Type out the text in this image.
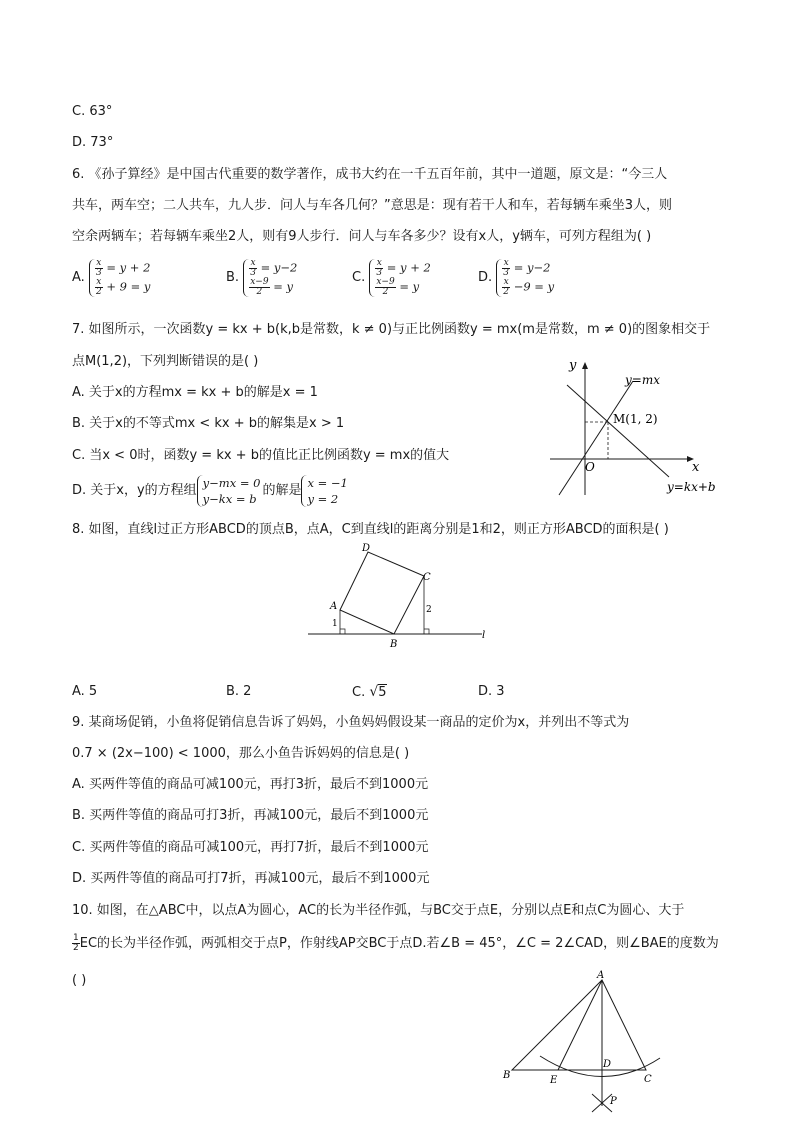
C. 63°
D. 73°
6. 《孙子算经》是中国古代重要的数学著作，成书大约在一千五百年前，其中一道题，原文是：“今三人
共车，两车空；二人共车，九人步．问人与车各几何？”意思是：现有若干人和车，若每辆车乘坐3人，则
空余两辆车；若每辆车乘坐2人，则有9人步行．问人与车各多少？设有x人，y辆车，可列方程组为( )
A. $\frac{x}{3} = y + 2$
$\frac{x}{2} + 9 = y$
B. $\frac{x}{3} = y-2$
$\frac{x-9}{2} = y$
C. $\frac{x}{3} = y + 2$
$\frac{x-9}{2} = y$
D. $\frac{x}{3} = y-2$
$\frac{x}{2} -9 = y$
7. 如图所示，一次函数y = kx + b(k,b是常数，k ≠ 0)与正比例函数y = mx(m是常数，m ≠ 0)的图象相交于
点M(1,2)，下列判断错误的是( )
A. 关于x的方程mx = kx + b的解是x = 1
B. 关于x的不等式mx < kx + b的解集是x > 1
C. 当x < 0时，函数y = kx + b的值比正比例函数y = mx的值大
D. 关于x，y的方程组 y−mx = 0
y−kx = b
的解是 x = −1
y = 2
y
x
O
M(1, 2)
y=mx
y=kx+b
8. 如图，直线l过正方形ABCD的顶点B，点A，C到直线l的距离分别是1和2，则正方形ABCD的面积是( )
A
B
C
D
l
1
2
A. 5	B. 2	C. √5	D. 3
9. 某商场促销，小鱼将促销信息告诉了妈妈，小鱼妈妈假设某一商品的定价为x，并列出不等式为
0.7 × (2x−100) < 1000，那么小鱼告诉妈妈的信息是( )
A. 买两件等值的商品可减100元，再打3折，最后不到1000元
B. 买两件等值的商品可打3折，再减100元，最后不到1000元
C. 买两件等值的商品可减100元，再打7折，最后不到1000元
D. 买两件等值的商品可打7折，再减100元，最后不到1000元
10. 如图，在△ABC中，以点A为圆心，AC的长为半径作弧，与BC交于点E，分别以点E和点C为圆心、大于
$\frac{1}{2}$ EC的长为半径作弧，两弧相交于点P，作射线AP交BC于点D.若∠B = 45°，∠C = 2∠CAD，则∠BAE的度数为
( )	A
B	C
D
E
P
